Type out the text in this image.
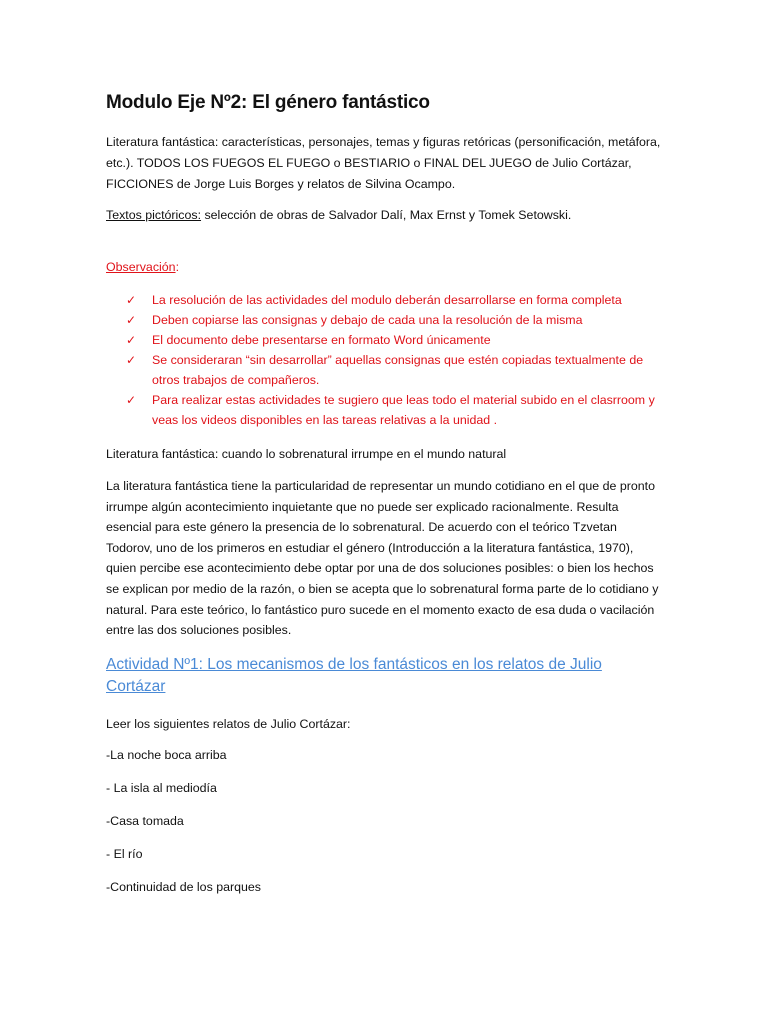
Modulo Eje Nº2: El género fantástico
Literatura fantástica: características, personajes, temas y figuras retóricas (personificación, metáfora, etc.). TODOS LOS FUEGOS EL FUEGO o BESTIARIO o FINAL DEL JUEGO de Julio Cortázar, FICCIONES de Jorge Luis Borges y relatos de Silvina Ocampo.
Textos pictóricos: selección de obras de Salvador Dalí, Max Ernst y Tomek Setowski.
Observación:
✓ La resolución de las actividades del modulo deberán desarrollarse en forma completa
✓ Deben copiarse las consignas y debajo de cada una la resolución de la misma
✓ El documento debe presentarse en formato Word únicamente
✓ Se consideraran “sin desarrollar” aquellas consignas que estén copiadas textualmente de otros trabajos de compañeros.
✓ Para realizar estas actividades te sugiero que leas todo el material subido en el clasrroom y veas los videos disponibles en las tareas relativas a la unidad .
Literatura fantástica: cuando lo sobrenatural irrumpe en el mundo natural
La literatura fantástica tiene la particularidad de representar un mundo cotidiano en el que de pronto irrumpe algún acontecimiento inquietante que no puede ser explicado racionalmente. Resulta esencial para este género la presencia de lo sobrenatural. De acuerdo con el teórico Tzvetan Todorov, uno de los primeros en estudiar el género (Introducción a la literatura fantástica, 1970), quien percibe ese acontecimiento debe optar por una de dos soluciones posibles: o bien los hechos se explican por medio de la razón, o bien se acepta que lo sobrenatural forma parte de lo cotidiano y natural. Para este teórico, lo fantástico puro sucede en el momento exacto de esa duda o vacilación entre las dos soluciones posibles.
Actividad Nº1: Los mecanismos de los fantásticos en los relatos de Julio Cortázar
Leer los siguientes relatos de Julio Cortázar:
-La noche boca arriba
- La isla al mediodía
-Casa tomada
- El río
-Continuidad de los parques
